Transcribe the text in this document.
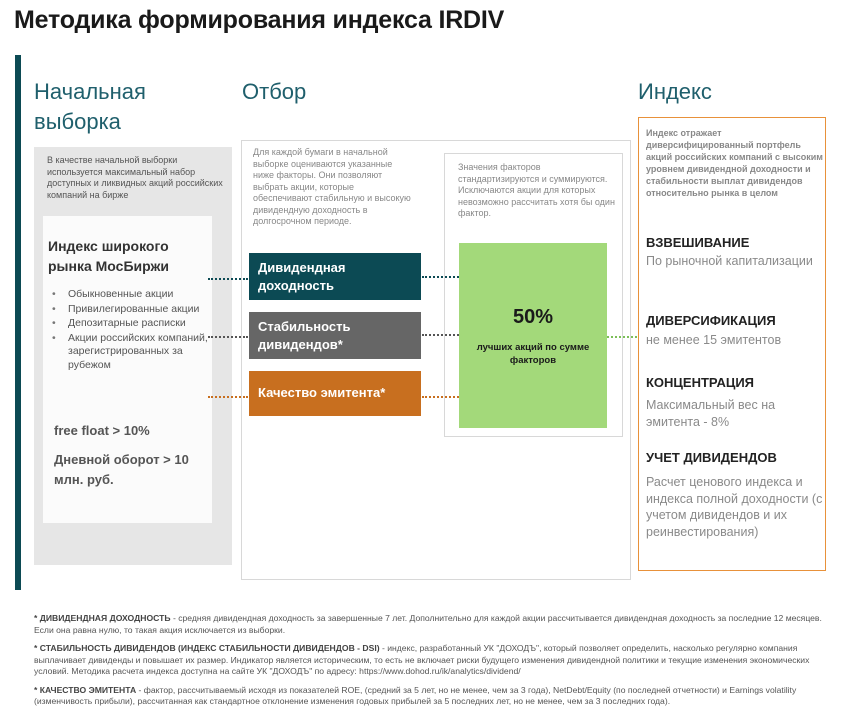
Методика формирования индекса IRDIV
Начальная выборка
Отбор	Индекс
В качестве начальной выборки используется максимальный набор доступных и ликвидных акций российских компаний на бирже
Индекс широкого рынка МосБиржи
• Обыкновенные акции
• Привилегированные акции
• Депозитарные расписки
• Акции российских компаний, зарегистрированных за рубежом
free float > 10%
Дневной оборот > 10 млн. руб.
Для каждой бумаги в начальной выборке оцениваются указанные ниже факторы. Они позволяют выбрать акции, которые обеспечивают стабильную и высокую дивидендную доходность в долгосрочном периоде.
Значения факторов стандартизируются и суммируются. Исключаются акции для которых невозможно рассчитать хотя бы один фактор.
50%
лучших акций по сумме факторов
Дивидендная доходность
Стабильность дивидендов*
Качество эмитента*
Индекс отражает диверсифицированный портфель акций российских компаний с высоким уровнем дивидендной доходности и стабильности выплат дивидендов относительно рынка в целом
ВЗВЕШИВАНИЕ
По рыночной капитализации
ДИВЕРСИФИКАЦИЯ
не менее 15 эмитентов
КОНЦЕНТРАЦИЯ
Максимальный вес на эмитента - 8%
УЧЕТ ДИВИДЕНДОВ
Расчет ценового индекса и индекса полной доходности (с учетом дивидендов и их реинвестирования)

* ДИВИДЕНДНАЯ ДОХОДНОСТЬ - средняя дивидендная доходность за завершенные 7 лет. Дополнительно для каждой акции рассчитывается дивидендная доходность за последние 12 месяцев. Если она равна нулю, то такая акция исключается из выборки.

* СТАБИЛЬНОСТЬ ДИВИДЕНДОВ (ИНДЕКС СТАБИЛЬНОСТИ ДИВИДЕНДОВ - DSI) - индекс, разработанный УК "ДОХОДЪ", который позволяет определить, насколько регулярно компания выплачивает дивиденды и повышает их размер. Индикатор является историческим, то есть не включает риски будущего изменения дивидендной политики и текущие изменения экономических условий. Методика расчета индекса доступна на сайте УК "ДОХОДЪ" по адресу: https://www.dohod.ru/ik/analytics/dividend/

* КАЧЕСТВО ЭМИТЕНТА - фактор, рассчитываемый исходя из показателей ROE, (средний за 5 лет, но не менее, чем за 3 года), NetDebt/Equity (по последней отчетности) и Earnings volatility (изменчивость прибыли), рассчитанная как стандартное отклонение изменения годовых прибылей за 5 последних лет, но не менее, чем за 3 последних года).
